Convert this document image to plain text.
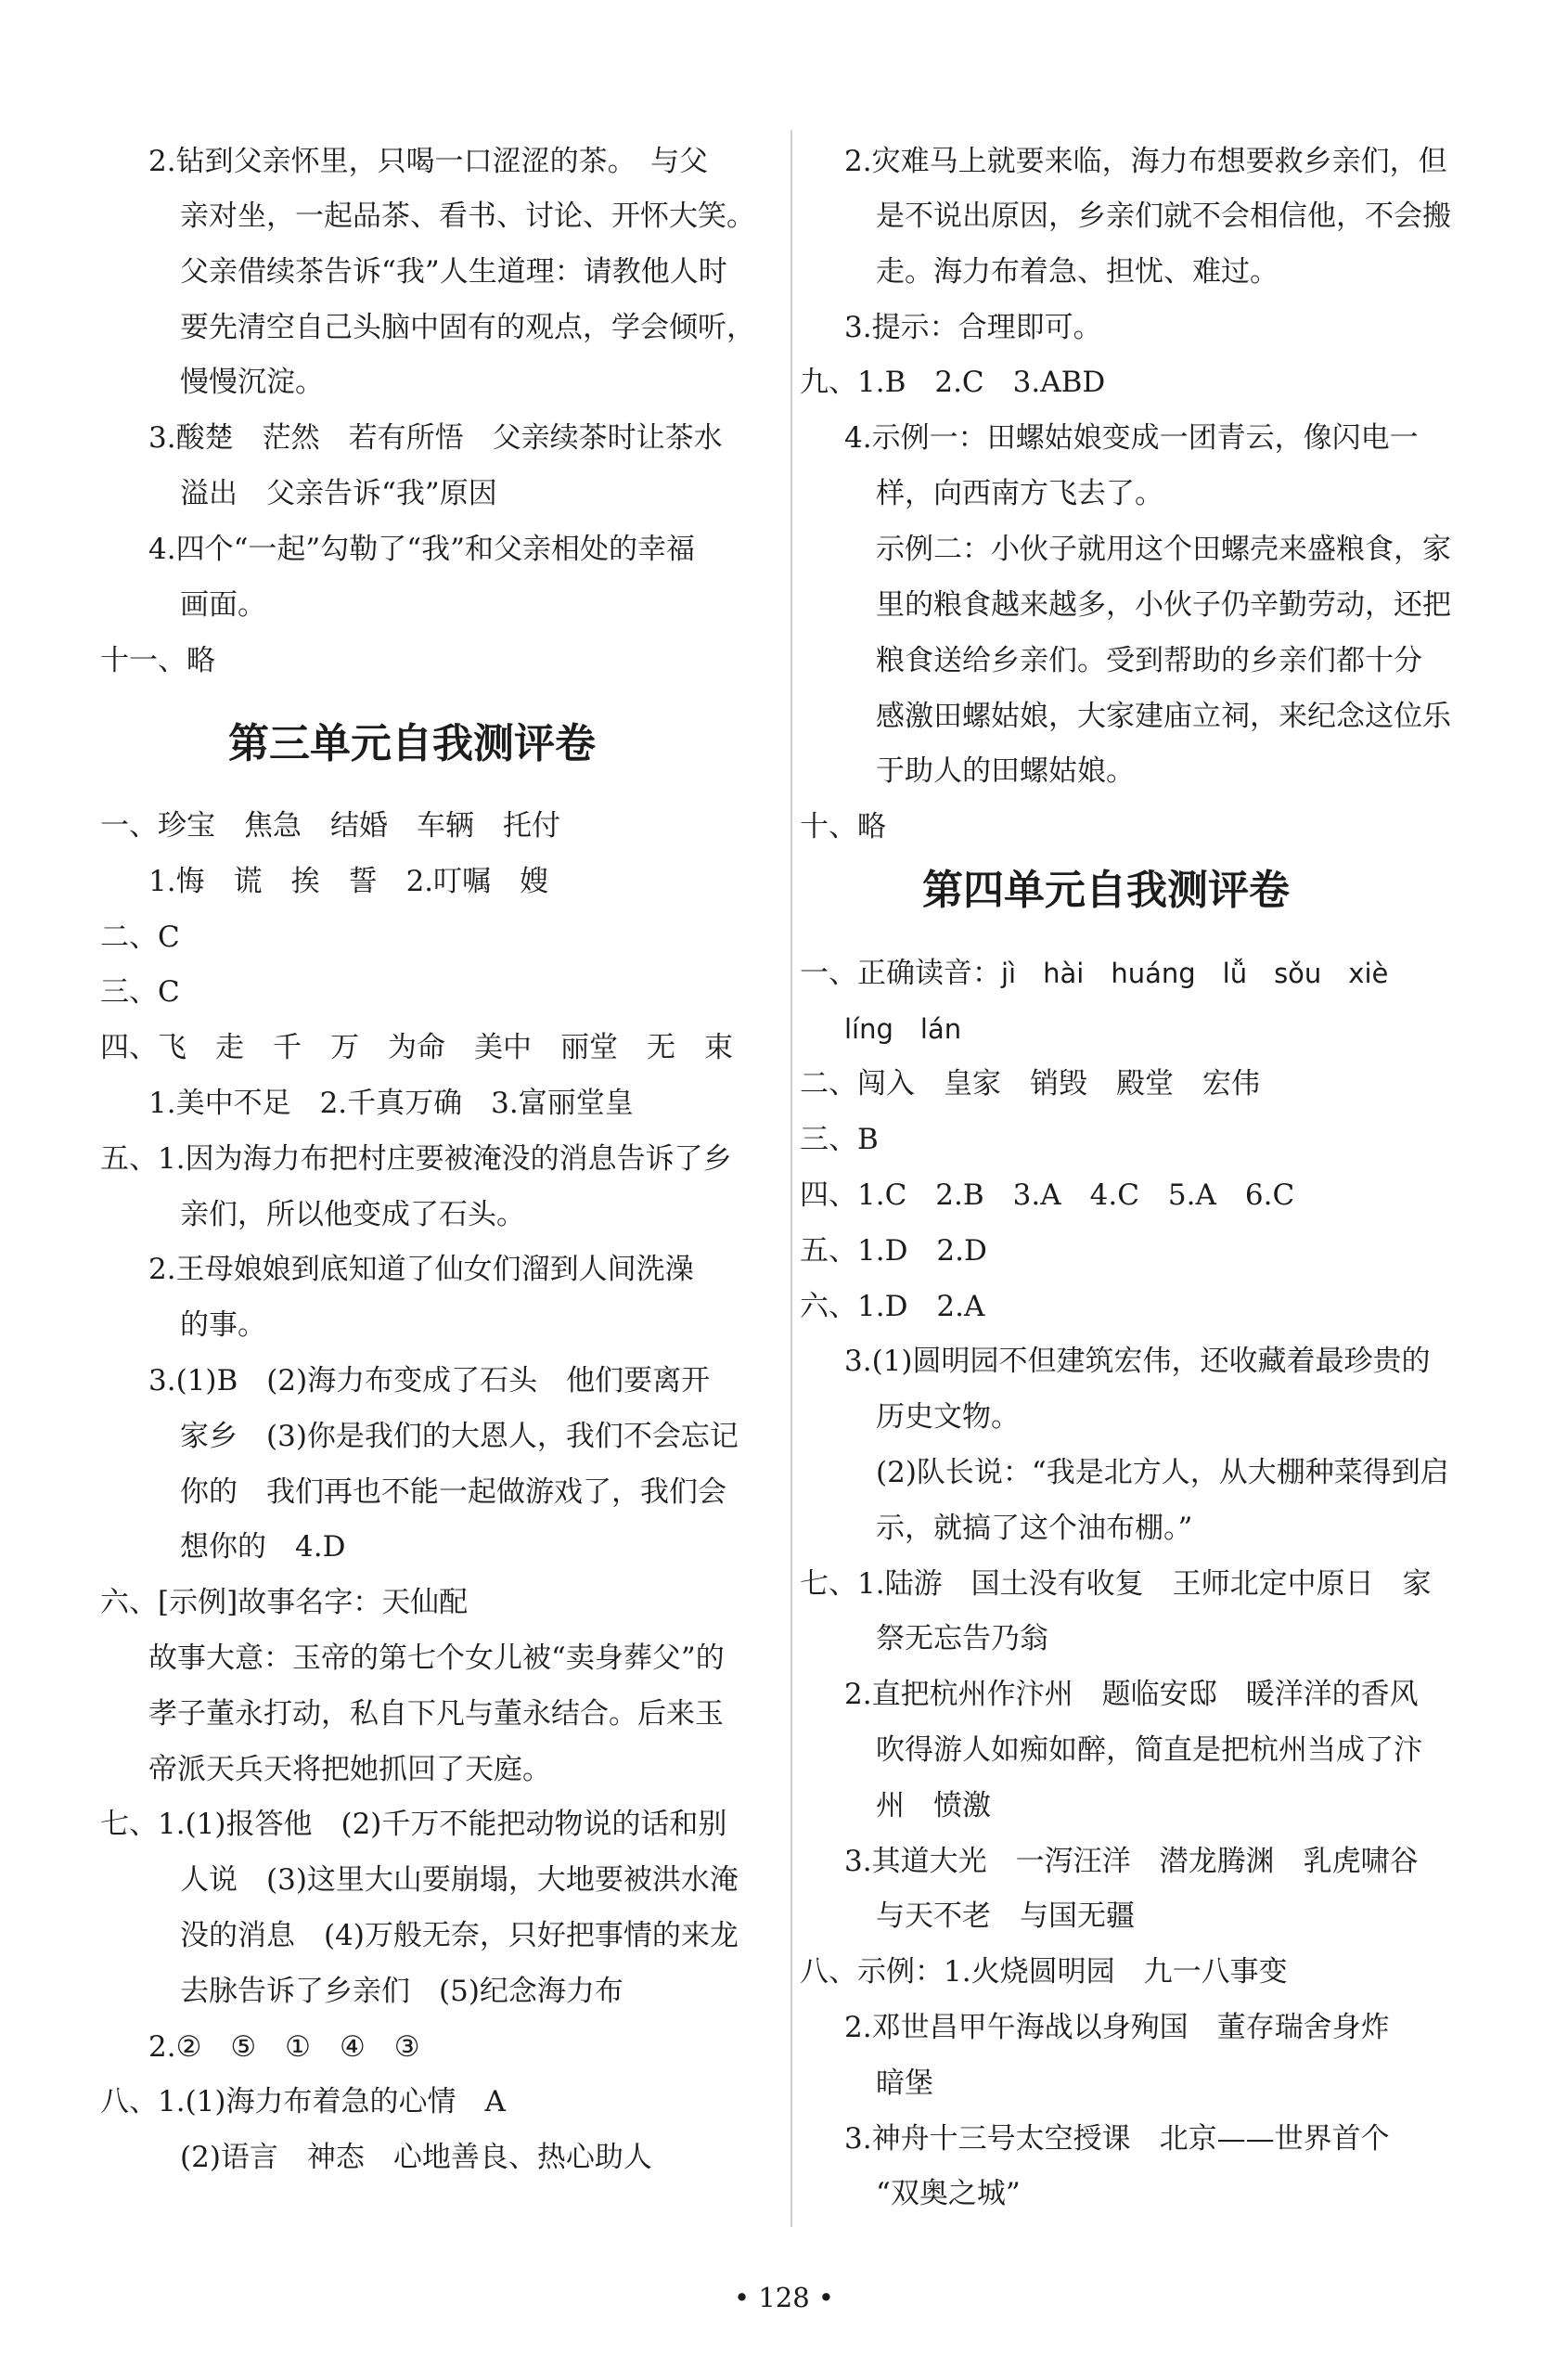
2.钻到父亲怀里，只喝一口涩涩的茶。　与父
亲对坐，一起品茶、看书、讨论、开怀大笑。
父亲借续茶告诉“我”人生道理：请教他人时
要先清空自己头脑中固有的观点，学会倾听，
慢慢沉淀。
3.酸楚　茫然　若有所悟　父亲续茶时让茶水
溢出　父亲告诉“我”原因
4.四个“一起”勾勒了“我”和父亲相处的幸福
画面。
十一、略
第三单元自我测评卷
一、珍宝　焦急　结婚　车辆　托付
1.悔　谎　挨　誓　2.叮嘱　嫂
二、C
三、C
四、飞　走　千　万　为命　美中　丽堂　无　束
1.美中不足　2.千真万确　3.富丽堂皇
五、1.因为海力布把村庄要被淹没的消息告诉了乡
亲们，所以他变成了石头。
2.王母娘娘到底知道了仙女们溜到人间洗澡
的事。
3.(1)B　(2)海力布变成了石头　他们要离开
家乡　(3)你是我们的大恩人，我们不会忘记
你的　我们再也不能一起做游戏了，我们会
想你的　4.D
六、[示例]故事名字：天仙配
故事大意：玉帝的第七个女儿被“卖身葬父”的
孝子董永打动，私自下凡与董永结合。后来玉
帝派天兵天将把她抓回了天庭。
七、1.(1)报答他　(2)千万不能把动物说的话和别
人说　(3)这里大山要崩塌，大地要被洪水淹
没的消息　(4)万般无奈，只好把事情的来龙
去脉告诉了乡亲们　(5)纪念海力布
2.②　⑤　①　④　③
八、1.(1)海力布着急的心情　A
(2)语言　神态　心地善良、热心助人
2.灾难马上就要来临，海力布想要救乡亲们，但
是不说出原因，乡亲们就不会相信他，不会搬
走。海力布着急、担忧、难过。
3.提示：合理即可。
九、1.B　2.C　3.ABD
4.示例一：田螺姑娘变成一团青云，像闪电一
样，向西南方飞去了。
示例二：小伙子就用这个田螺壳来盛粮食，家
里的粮食越来越多，小伙子仍辛勤劳动，还把
粮食送给乡亲们。受到帮助的乡亲们都十分
感激田螺姑娘，大家建庙立祠，来纪念这位乐
于助人的田螺姑娘。
十、略
第四单元自我测评卷
一、正确读音：jì　hài　huáng　lǚ　sǒu　xiè
líng　lán
二、闯入　皇家　销毁　殿堂　宏伟
三、B
四、1.C　2.B　3.A　4.C　5.A　6.C
五、1.D　2.D
六、1.D　2.A
3.(1)圆明园不但建筑宏伟，还收藏着最珍贵的
历史文物。
(2)队长说：“我是北方人，从大棚种菜得到启
示，就搞了这个油布棚。”
七、1.陆游　国土没有收复　王师北定中原日　家
祭无忘告乃翁
2.直把杭州作汴州　题临安邸　暖洋洋的香风
吹得游人如痴如醉，简直是把杭州当成了汴
州　愤激
3.其道大光　一泻汪洋　潜龙腾渊　乳虎啸谷
与天不老　与国无疆
八、示例：1.火烧圆明园　九一八事变
2.邓世昌甲午海战以身殉国　董存瑞舍身炸
暗堡
3.神舟十三号太空授课　北京——世界首个
“双奥之城”
• 128 •
